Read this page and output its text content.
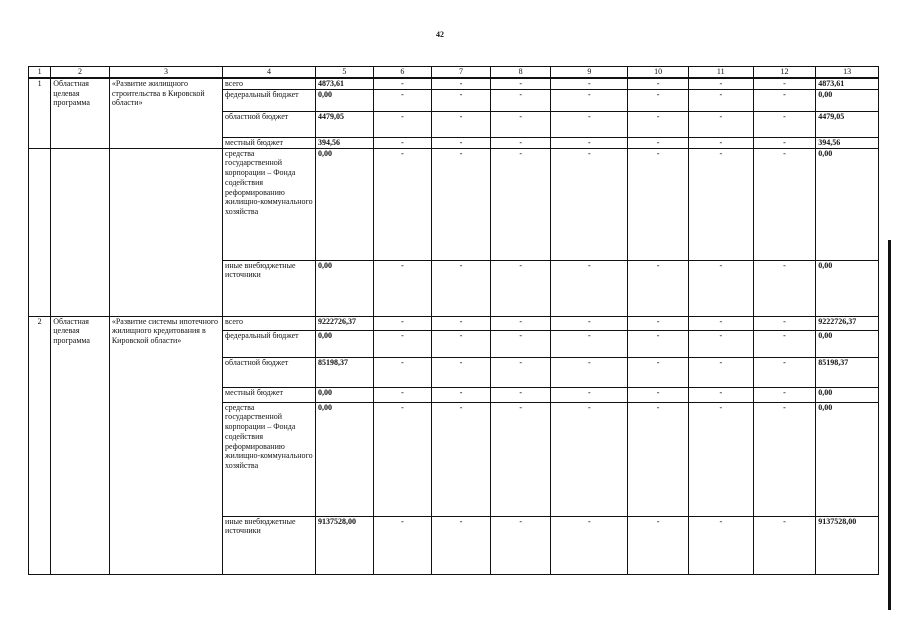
42
1	2	3	4	5	6	7	8	9	10	11	12	13
1	Областная целевая программа	«Развитие жилищного строительства в Кировской области»	всего	4873,61	-	-	-	-	-	-	-	4873,61
			федеральный бюджет	0,00	-	-	-	-	-	-	-	0,00
			областной бюджет	4479,05	-	-	-	-	-	-	-	4479,05
			местный бюджет	394,56	-	-	-	-	-	-	-	394,56
			средства государственной корпорации – Фонда содействия реформированию жилищно-коммунального хозяйства	0,00	-	-	-	-	-	-	-	0,00
			иные внебюджетные источники	0,00	-	-	-	-	-	-	-	0,00
2	Областная целевая программа	«Развитие системы ипотечного жилищного кредитования в Кировской области»	всего	9222726,37	-	-	-	-	-	-	-	9222726,37
			федеральный бюджет	0,00	-	-	-	-	-	-	-	0,00
			областной бюджет	85198,37	-	-	-	-	-	-	-	85198,37
			местный бюджет	0,00	-	-	-	-	-	-	-	0,00
			средства государственной корпорации – Фонда содействия реформированию жилищно-коммунального хозяйства	0,00	-	-	-	-	-	-	-	0,00
			иные внебюджетные источники	9137528,00	-	-	-	-	-	-	-	9137528,00
